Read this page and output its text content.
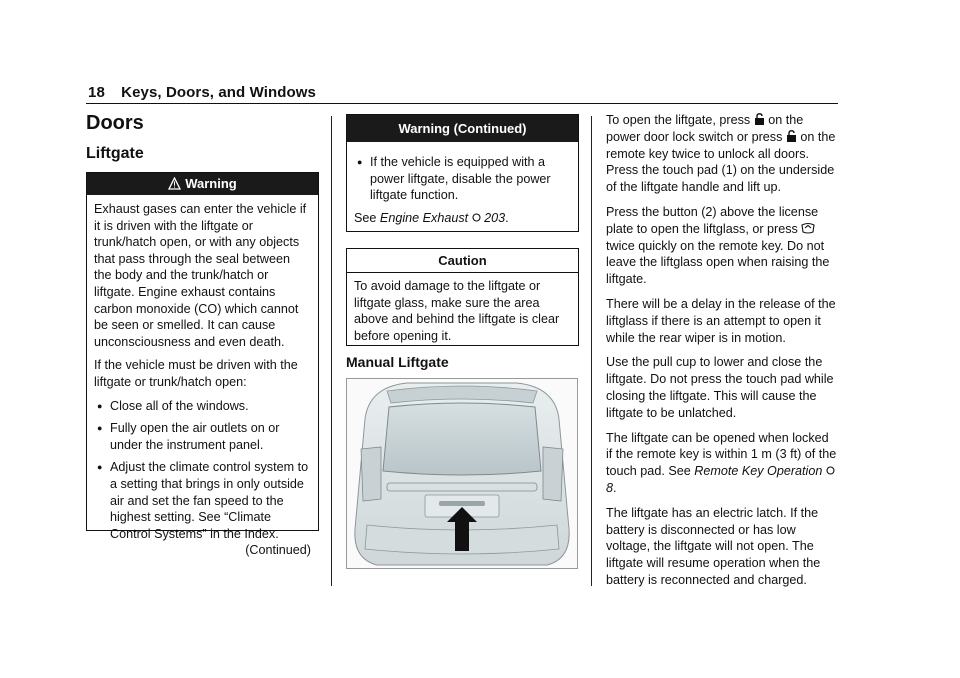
18 Keys, Doors, and Windows
Doors
Liftgate
Warning

Exhaust gases can enter the vehicle if it is driven with the liftgate or trunk/hatch open, or with any objects that pass through the seal between the body and the trunk/hatch or liftgate. Engine exhaust contains carbon monoxide (CO) which cannot be seen or smelled. It can cause unconsciousness and even death.

If the vehicle must be driven with the liftgate or trunk/hatch open:

● Close all of the windows.
● Fully open the air outlets on or under the instrument panel.
● Adjust the climate control system to a setting that brings in only outside air and set the fan speed to the highest setting. See “Climate Control Systems” in the Index.
(Continued)
Warning (Continued)
● If the vehicle is equipped with a power liftgate, disable the power liftgate function.

See Engine Exhaust 203.

Caution

To avoid damage to the liftgate or liftgate glass, make sure the area above and behind the liftgate is clear before opening it.

Manual Liftgate

To open the liftgate, press  on the power door lock switch or press  on the remote key twice to unlock all doors. Press the touch pad (1) on the underside of the liftgate handle and lift up.

Press the button (2) above the license plate to open the liftglass, or press  twice quickly on the remote key. Do not leave the liftglass open when raising the liftgate.

There will be a delay in the release of the liftglass if there is an attempt to open it while the rear wiper is in motion.

Use the pull cup to lower and close the liftgate. Do not press the touch pad while closing the liftgate. This will cause the liftgate to be unlatched.

The liftgate can be opened when locked if the remote key is within 1 m (3 ft) of the touch pad. See Remote Key Operation  8.

The liftgate has an electric latch. If the battery is disconnected or has low voltage, the liftgate will not open. The liftgate will resume operation when the battery is reconnected and charged.
